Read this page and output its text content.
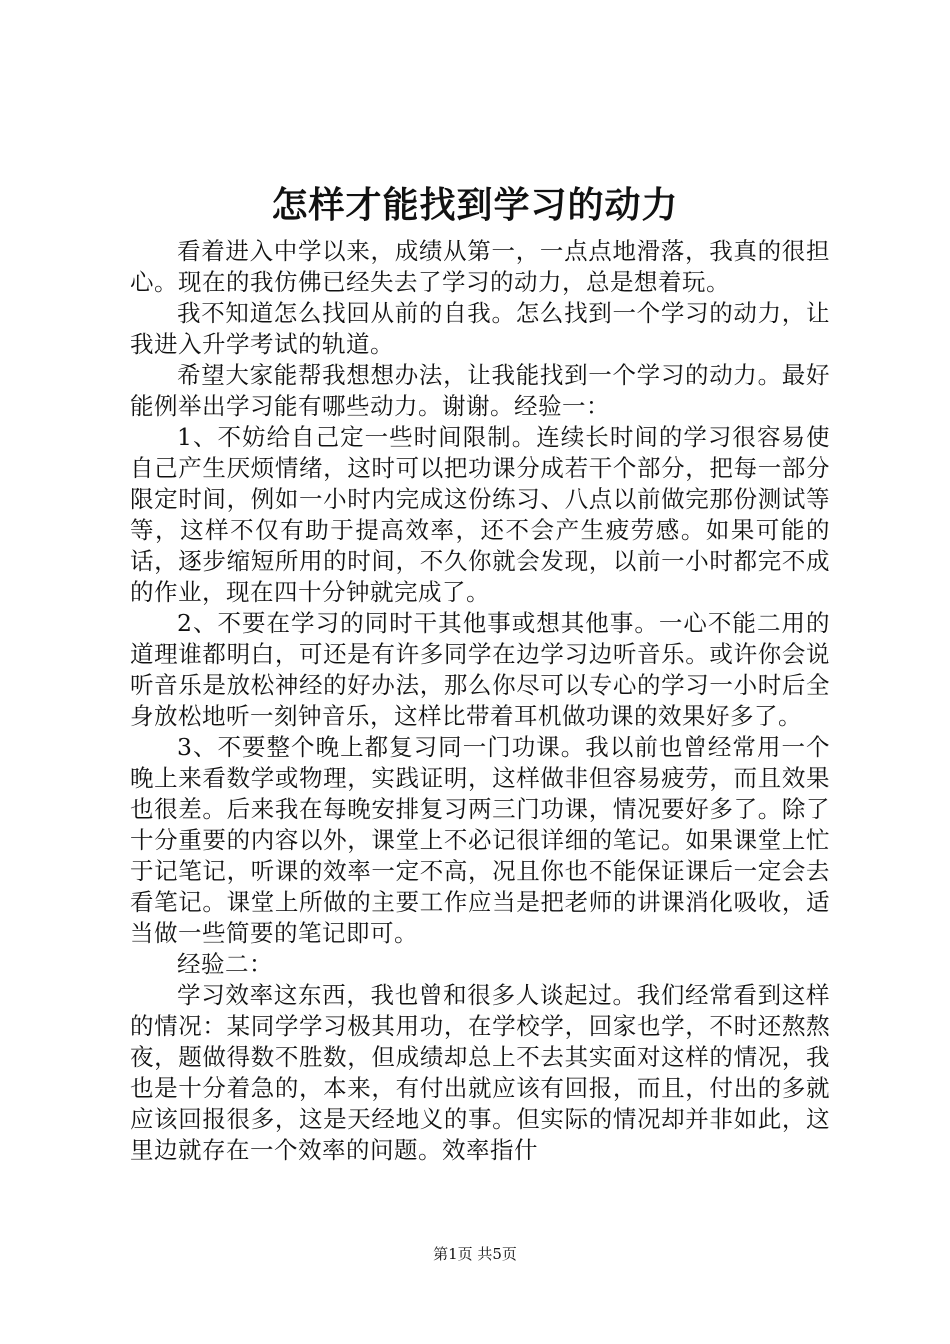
怎样才能找到学习的动力

看着进入中学以来，成绩从第一，一点点地滑落，我真的很担心。现在的我仿佛已经失去了学习的动力，总是想着玩。

我不知道怎么找回从前的自我。怎么找到一个学习的动力，让我进入升学考试的轨道。

希望大家能帮我想想办法，让我能找到一个学习的动力。最好能例举出学习能有哪些动力。谢谢。经验一：

1、不妨给自己定一些时间限制。连续长时间的学习很容易使自己产生厌烦情绪，这时可以把功课分成若干个部分，把每一部分限定时间，例如一小时内完成这份练习、八点以前做完那份测试等等，这样不仅有助于提高效率，还不会产生疲劳感。如果可能的话，逐步缩短所用的时间，不久你就会发现，以前一小时都完不成的作业，现在四十分钟就完成了。

2、不要在学习的同时干其他事或想其他事。一心不能二用的道理谁都明白，可还是有许多同学在边学习边听音乐。或许你会说听音乐是放松神经的好办法，那么你尽可以专心的学习一小时后全身放松地听一刻钟音乐，这样比带着耳机做功课的效果好多了。

3、不要整个晚上都复习同一门功课。我以前也曾经常用一个晚上来看数学或物理，实践证明，这样做非但容易疲劳，而且效果也很差。后来我在每晚安排复习两三门功课，情况要好多了。除了十分重要的内容以外，课堂上不必记很详细的笔记。如果课堂上忙于记笔记，听课的效率一定不高，况且你也不能保证课后一定会去看笔记。课堂上所做的主要工作应当是把老师的讲课消化吸收，适当做一些简要的笔记即可。

经验二：

学习效率这东西，我也曾和很多人谈起过。我们经常看到这样的情况：某同学学习极其用功，在学校学，回家也学，不时还熬熬夜，题做得数不胜数，但成绩却总上不去其实面对这样的情况，我也是十分着急的，本来，有付出就应该有回报，而且，付出的多就应该回报很多，这是天经地义的事。但实际的情况却并非如此，这里边就存在一个效率的问题。效率指什

第1页 共5页
